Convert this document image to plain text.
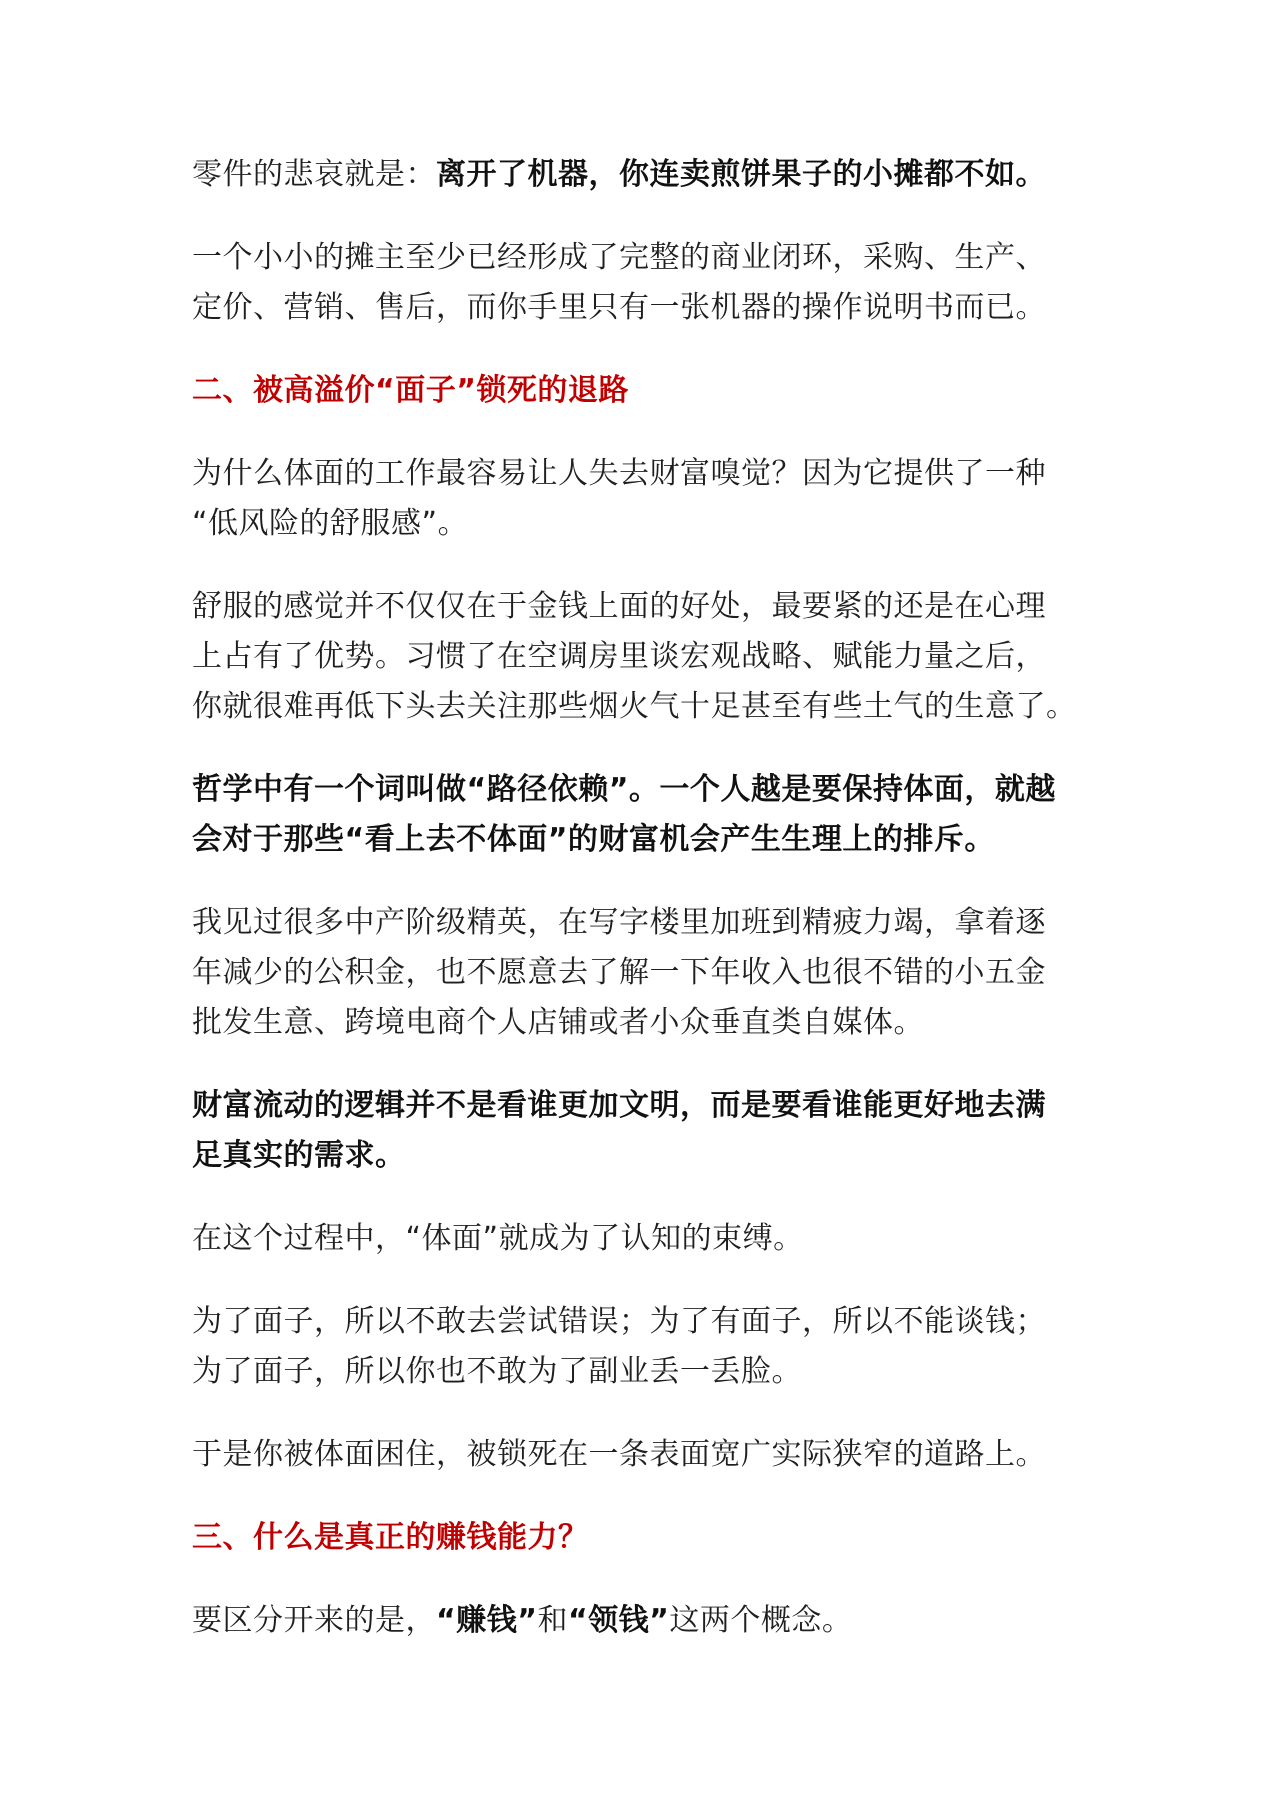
零件的悲哀就是：离开了机器，你连卖煎饼果子的小摊都不如。

一个小小的摊主至少已经形成了完整的商业闭环，采购、生产、
定价、营销、售后，而你手里只有一张机器的操作说明书而已。

二、被高溢价“面子”锁死的退路

为什么体面的工作最容易让人失去财富嗅觉？因为它提供了一种
“低风险的舒服感”。

舒服的感觉并不仅仅在于金钱上面的好处，最要紧的还是在心理
上占有了优势。习惯了在空调房里谈宏观战略、赋能力量之后，
你就很难再低下头去关注那些烟火气十足甚至有些土气的生意了。

哲学中有一个词叫做“路径依赖”。一个人越是要保持体面，就越
会对于那些“看上去不体面”的财富机会产生生理上的排斥。

我见过很多中产阶级精英，在写字楼里加班到精疲力竭，拿着逐
年减少的公积金，也不愿意去了解一下年收入也很不错的小五金
批发生意、跨境电商个人店铺或者小众垂直类自媒体。

财富流动的逻辑并不是看谁更加文明，而是要看谁能更好地去满
足真实的需求。

在这个过程中，“体面”就成为了认知的束缚。

为了面子，所以不敢去尝试错误；为了有面子，所以不能谈钱；
为了面子，所以你也不敢为了副业丢一丢脸。

于是你被体面困住，被锁死在一条表面宽广实际狭窄的道路上。

三、什么是真正的赚钱能力？

要区分开来的是，“赚钱”和“领钱”这两个概念。
